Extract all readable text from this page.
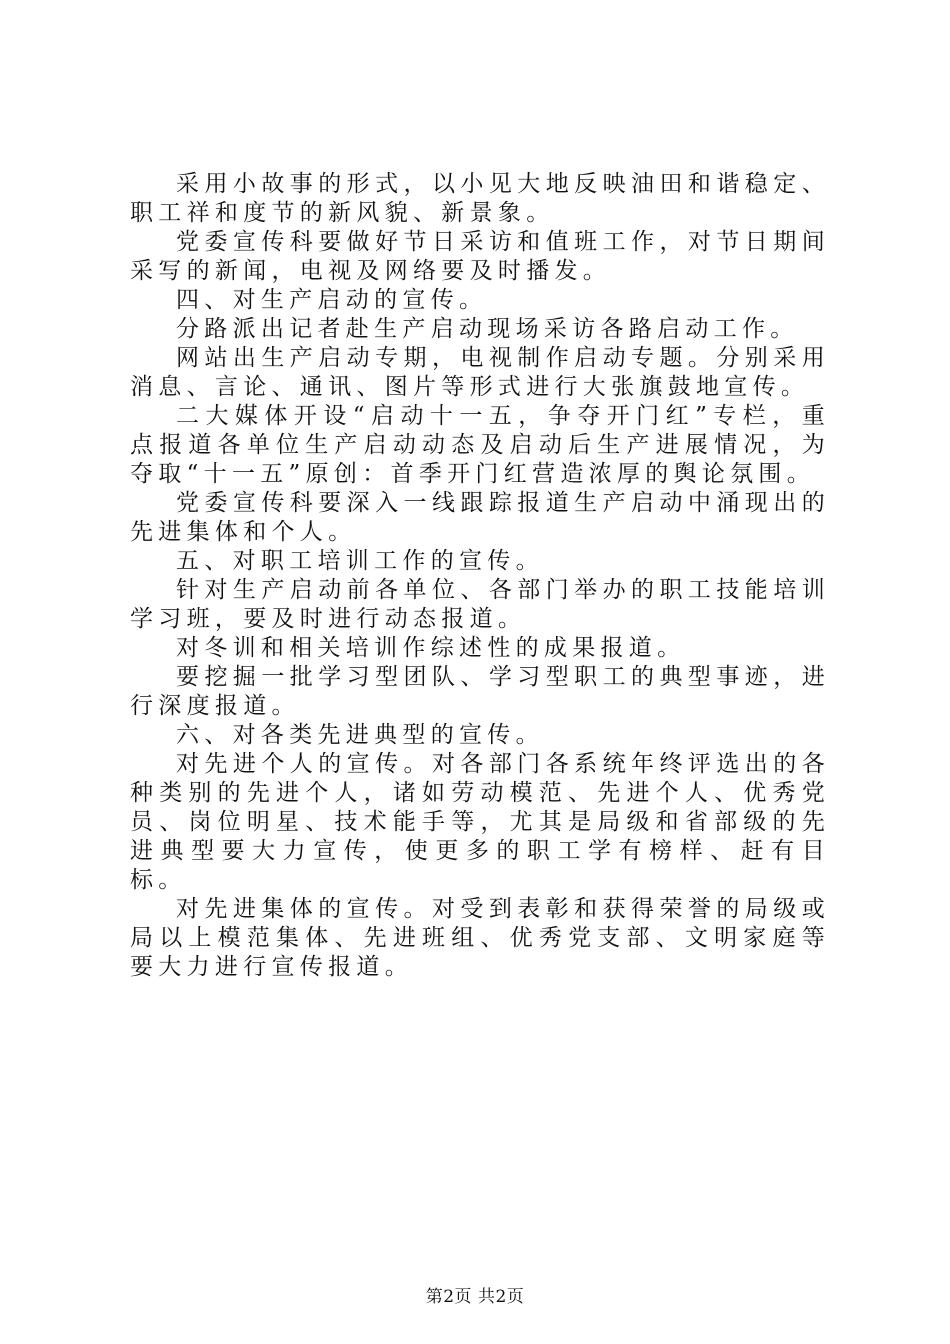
采用小故事的形式，以小见大地反映油田和谐稳定、职工祥和度节的新风貌、新景象。

党委宣传科要做好节日采访和值班工作，对节日期间采写的新闻，电视及网络要及时播发。

四、对生产启动的宣传。

分路派出记者赴生产启动现场采访各路启动工作。

网站出生产启动专期，电视制作启动专题。分别采用消息、言论、通讯、图片等形式进行大张旗鼓地宣传。

二大媒体开设“启动十一五，争夺开门红”专栏，重点报道各单位生产启动动态及启动后生产进展情况，为夺取“十一五”原创：首季开门红营造浓厚的舆论氛围。

党委宣传科要深入一线跟踪报道生产启动中涌现出的先进集体和个人。

五、对职工培训工作的宣传。

针对生产启动前各单位、各部门举办的职工技能培训学习班，要及时进行动态报道。

对冬训和相关培训作综述性的成果报道。

要挖掘一批学习型团队、学习型职工的典型事迹，进行深度报道。

六、对各类先进典型的宣传。

对先进个人的宣传。对各部门各系统年终评选出的各种类别的先进个人，诸如劳动模范、先进个人、优秀党员、岗位明星、技术能手等，尤其是局级和省部级的先进典型要大力宣传，使更多的职工学有榜样、赶有目标。

对先进集体的宣传。对受到表彰和获得荣誉的局级或局以上模范集体、先进班组、优秀党支部、文明家庭等要大力进行宣传报道。

第2页 共2页
